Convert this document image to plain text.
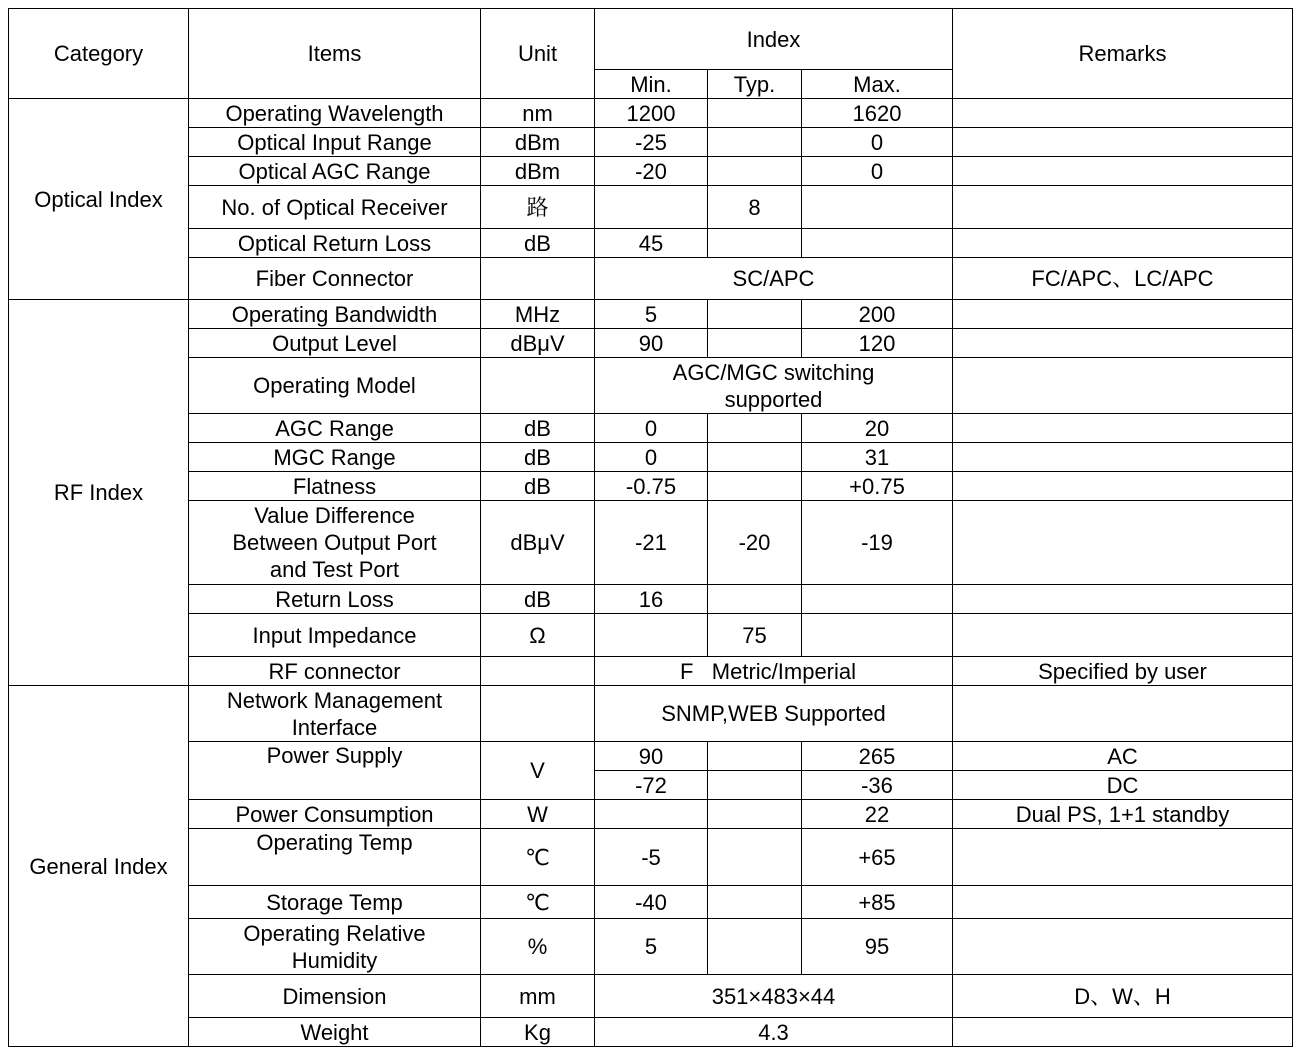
Category	Items	Unit	Index			Remarks
			Min.	Typ.	Max.	
Optical Index	Operating Wavelength	nm	1200		1620	
	Optical Input Range	dBm	-25		0	
	Optical AGC Range	dBm	-20		0	
	No. of Optical Receiver	路		8		
	Optical Return Loss	dB	45			
	Fiber Connector		SC/APC			FC/APC、LC/APC
RF Index	Operating Bandwidth	MHz	5		200	
	Output Level	dBμV	90		120	
	Operating Model		AGC/MGC switching
supported			
	AGC Range	dB	0		20	
	MGC Range	dB	0		31	
	Flatness	dB	-0.75		+0.75	
	Value Difference
Between Output Port
and Test Port	dBμV	-21	-20	-19	
	Return Loss	dB	16			
	Input Impedance	Ω		75		
	RF connector		F   Metric/Imperial			Specified by user
General Index	Network Management
Interface		SNMP,WEB Supported			
	Power Supply	V	90		265	AC
			-72		-36	DC
	Power Consumption	W			22	Dual PS, 1+1 standby
	Operating Temp	℃	-5		+65	
	Storage Temp	℃	-40		+85	
	Operating Relative
Humidity	%	5		95	
	Dimension	mm	351×483×44			D、W、H
	Weight	Kg	4.3			
